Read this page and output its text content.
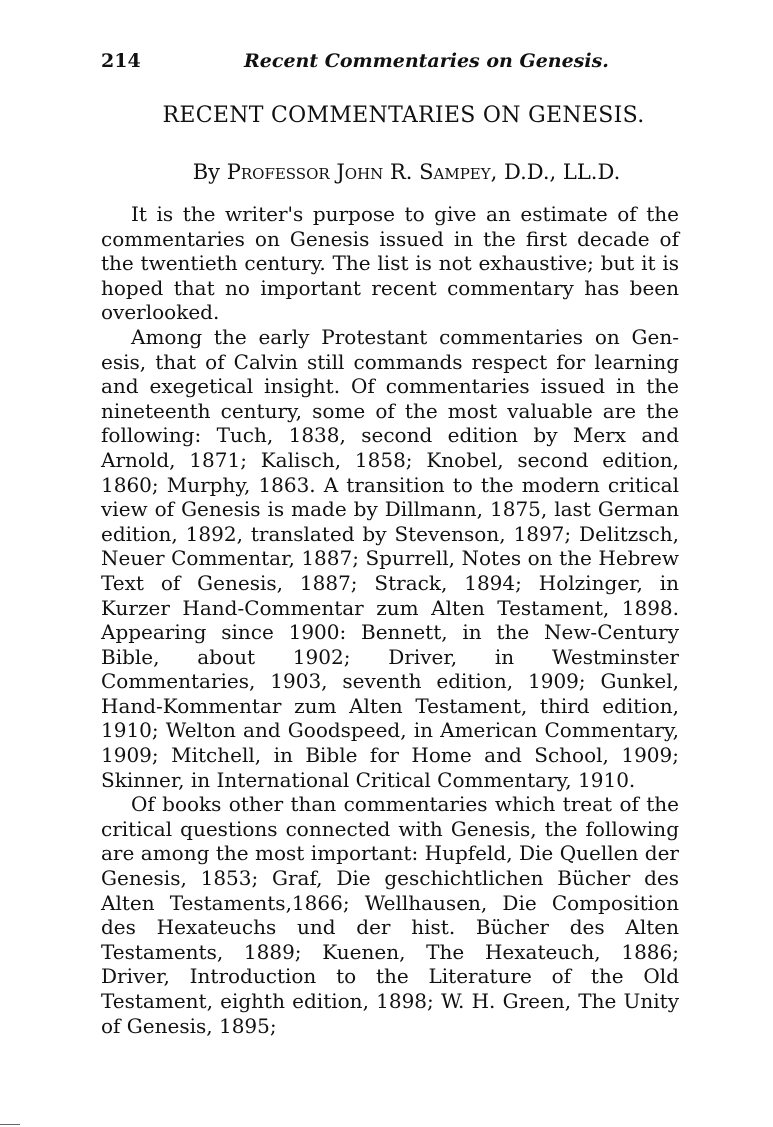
214	Recent Commentaries on Genesis.
RECENT COMMENTARIES ON GENESIS.
By Professor John R. Sampey, D.D., LL.D.

It is the writer's purpose to give an estimate of the commentaries on Genesis issued in the first decade of the twentieth century. The list is not exhaustive; but it is hoped that no important recent commentary has been overlooked.

Among the early Protestant commentaries on Genesis, that of Calvin still commands respect for learning and exegetical insight. Of commentaries issued in the nineteenth century, some of the most valuable are the following: Tuch, 1838, second edition by Merx and Arnold, 1871; Kalisch, 1858; Knobel, second edition, 1860; Murphy, 1863. A transition to the modern critical view of Genesis is made by Dillmann, 1875, last German edition, 1892, translated by Stevenson, 1897; Delitzsch, Neuer Commentar, 1887; Spurrell, Notes on the Hebrew Text of Genesis, 1887; Strack, 1894; Holzinger, in Kurzer Hand-Commentar zum Alten Testament, 1898. Appearing since 1900: Bennett, in the New-Century Bible, about 1902; Driver, in Westminster Commentaries, 1903, seventh edition, 1909; Gunkel, Hand-Kommentar zum Alten Testament, third edition, 1910; Welton and Goodspeed, in American Commentary, 1909; Mitchell, in Bible for Home and School, 1909; Skinner, in International Critical Commentary, 1910.

Of books other than commentaries which treat of the critical questions connected with Genesis, the following are among the most important: Hupfeld, Die Quellen der Genesis, 1853; Graf, Die geschichtlichen Bücher des Alten Testaments,1866; Wellhausen, Die Composition des Hexateuchs und der hist. Bücher des Alten Testaments, 1889; Kuenen, The Hexateuch, 1886; Driver, Introduction to the Literature of the Old Testament, eighth edition, 1898; W. H. Green, The Unity of Genesis, 1895;
